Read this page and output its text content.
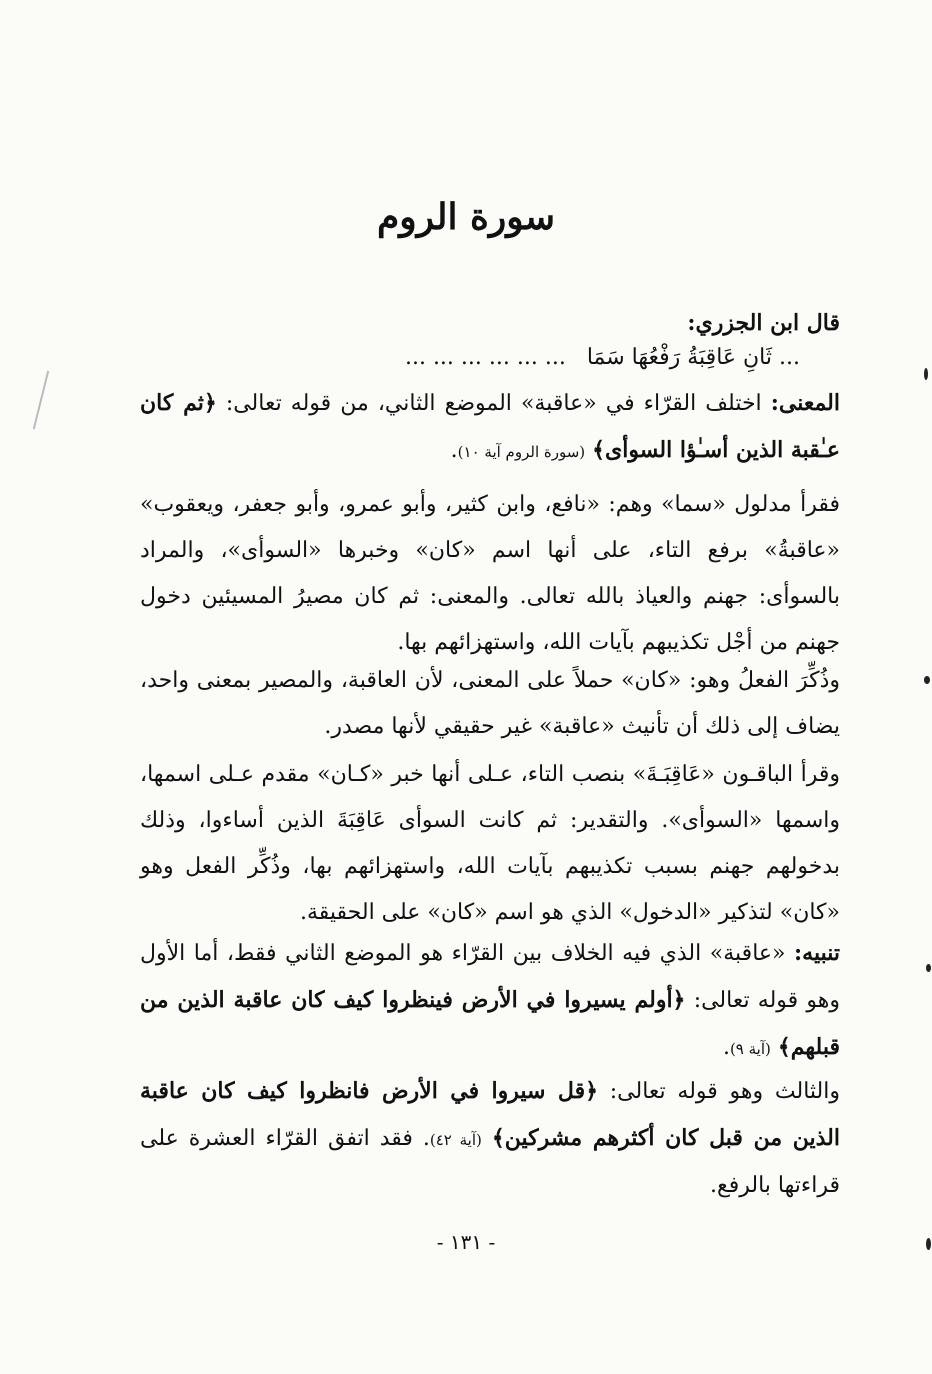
سورة الروم
قال ابن الجزري:
... ثَانِ عَاقِبَةُ رَفْعُهَا سَمَا ... ... ... ... ... ...
المعنى: اختلف القرّاء في «عاقبة» الموضع الثاني، من قوله تعالى: ﴿ثم كان عـٰقبة الذين أسـٰؤا السوأى﴾ (سورة الروم آية ١٠).
فقرأ مدلول «سما» وهم: «نافع، وابن كثير، وأبو عمرو، وأبو جعفر، ويعقوب» «عاقبةُ» برفع التاء، على أنها اسم «كان» وخبرها «السوأى»، والمراد بالسوأى: جهنم والعياذ بالله تعالى. والمعنى: ثم كان مصيرُ المسيئين دخول جهنم من أجْل تكذيبهم بآيات الله، واستهزائهم بها.
وذُكِّرَ الفعلُ وهو: «كان» حملاً على المعنى، لأن العاقبة، والمصير بمعنى واحد، يضاف إلى ذلك أن تأنيث «عاقبة» غير حقيقي لأنها مصدر.
وقرأ الباقـون «عَاقِبَـةَ» بنصب التاء، عـلى أنها خبر «كـان» مقدم عـلى اسمها، واسمها «السوأى». والتقدير: ثم كانت السوأى عَاقِبَةَ الذين أساءوا، وذلك بدخولهم جهنم بسبب تكذيبهم بآيات الله، واستهزائهم بها، وذُكِّر الفعل وهو «كان» لتذكير «الدخول» الذي هو اسم «كان» على الحقيقة.
تنبيه: «عاقبة» الذي فيه الخلاف بين القرّاء هو الموضع الثاني فقط، أما الأول وهو قوله تعالى: ﴿أولم يسيروا في الأرض فينظروا كيف كان عاقبة الذين من قبلهم﴾ (آية ٩).
والثالث وهو قوله تعالى: ﴿قل سيروا في الأرض فانظروا كيف كان عاقبة الذين من قبل كان أكثرهم مشركين﴾ (آية ٤٢). فقد اتفق القرّاء العشرة على قراءتها بالرفع.
- ١٣١ -
